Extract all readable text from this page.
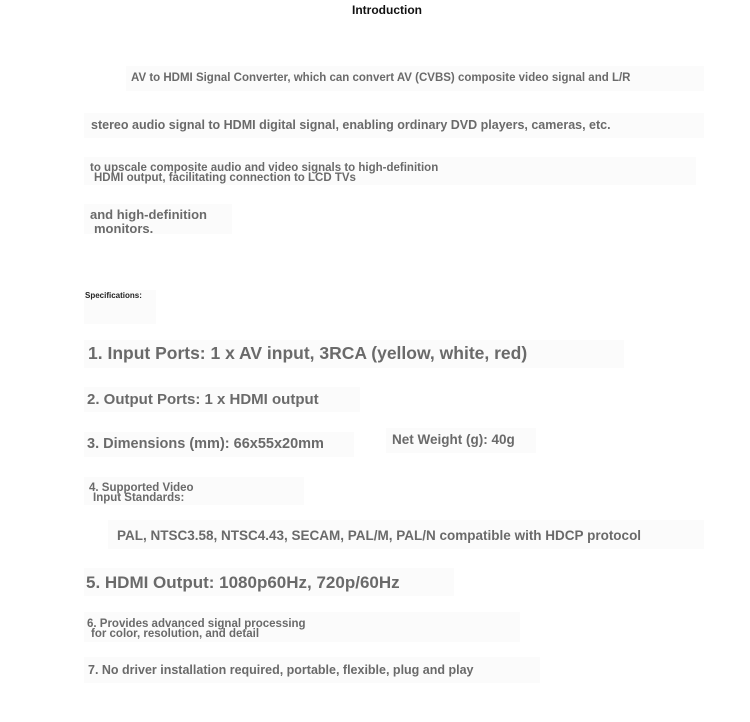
Introduction
AV to HDMI Signal Converter, which can convert AV (CVBS) composite video signal and L/R
stereo audio signal to HDMI digital signal, enabling ordinary DVD players, cameras, etc.
to upscale composite audio and video signals to high-definition
HDMI output, facilitating connection to LCD TVs
and high-definition
monitors.
Specifications:
1. Input Ports: 1 x AV input, 3RCA (yellow, white, red)
2. Output Ports: 1 x HDMI output
3. Dimensions (mm): 66x55x20mm	Net Weight (g): 40g
4. Supported Video
Input Standards:
PAL, NTSC3.58, NTSC4.43, SECAM, PAL/M, PAL/N compatible with HDCP protocol
5. HDMI Output: 1080p60Hz, 720p/60Hz
6. Provides advanced signal processing
for color, resolution, and detail
7. No driver installation required, portable, flexible, plug and play
